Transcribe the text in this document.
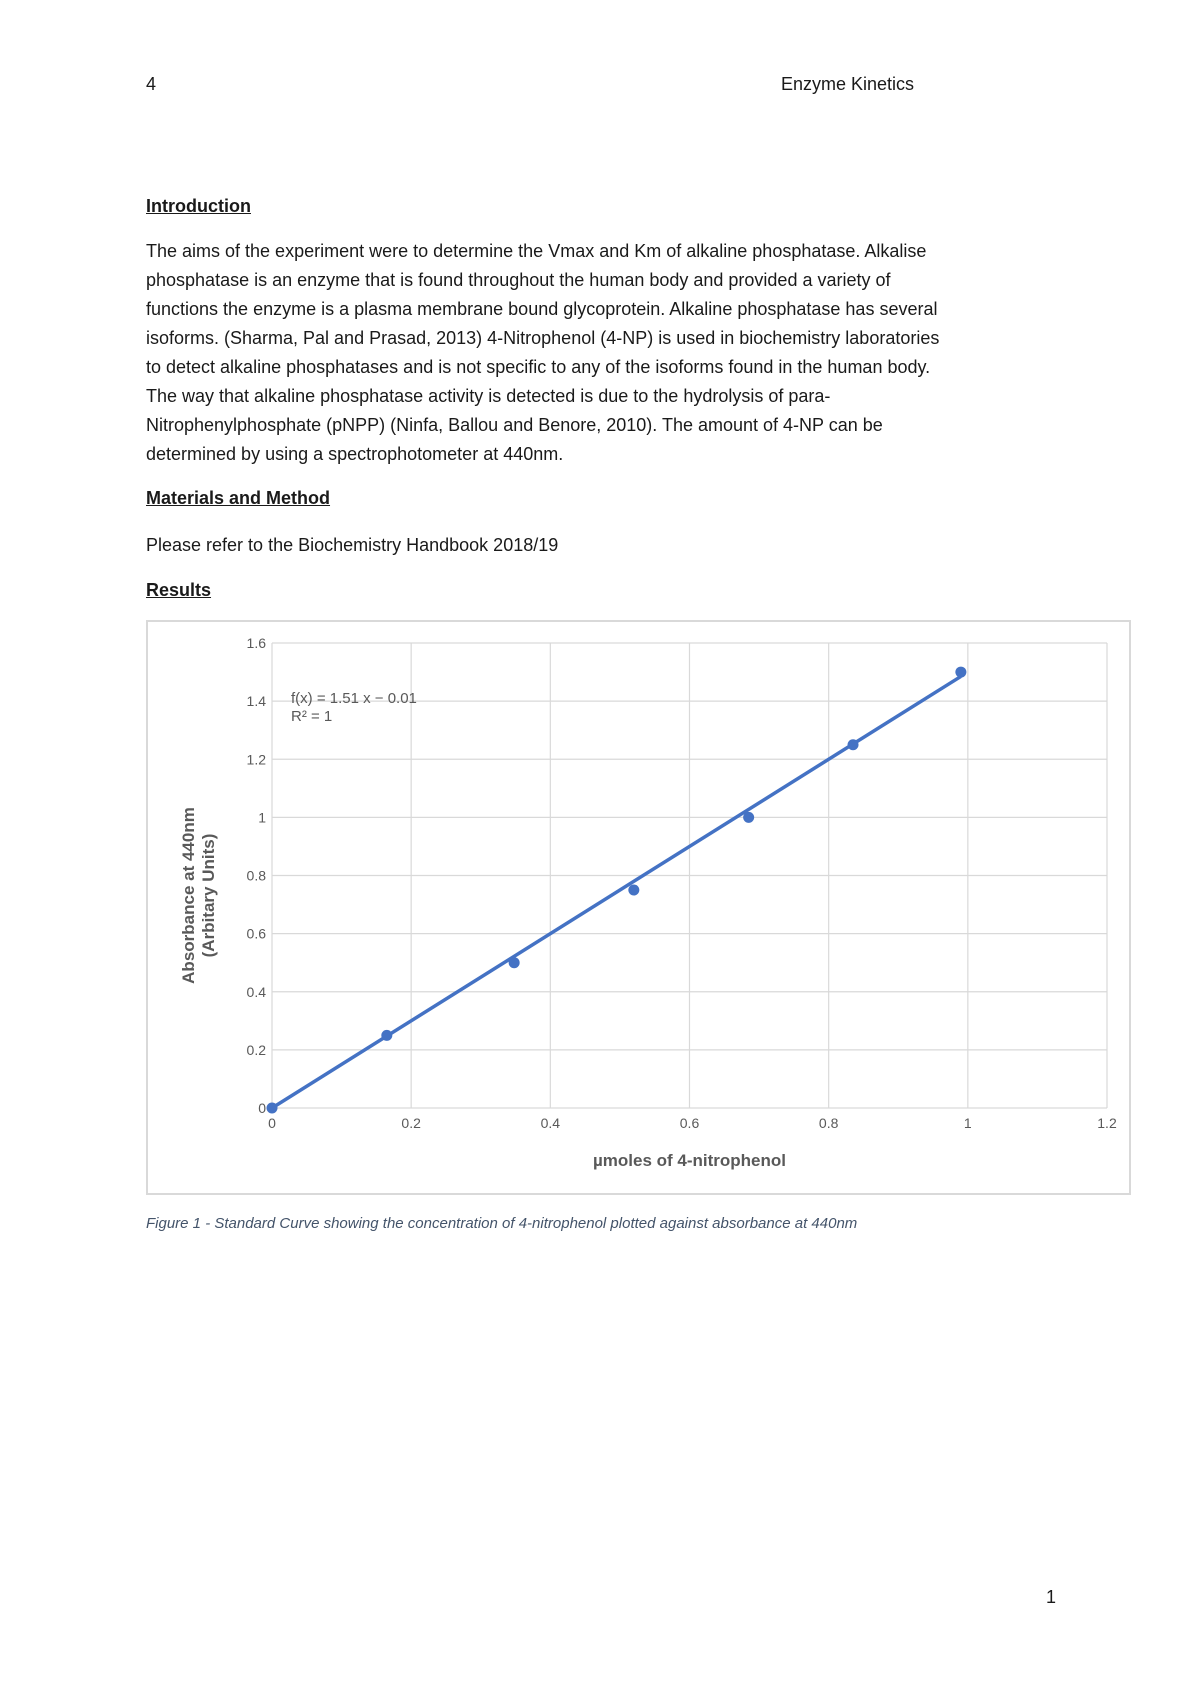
4	Enzyme Kinetics
Introduction
The aims of the experiment were to determine the Vmax and Km of alkaline phosphatase. Alkalise
phosphatase is an enzyme that is found throughout the human body and provided a variety of
functions the enzyme is a plasma membrane bound glycoprotein. Alkaline phosphatase has several
isoforms. (Sharma, Pal and Prasad, 2013) 4-Nitrophenol (4-NP) is used in biochemistry laboratories
to detect alkaline phosphatases and is not specific to any of the isoforms found in the human body.
The way that alkaline phosphatase activity is detected is due to the hydrolysis of para-
Nitrophenylphosphate (pNPP) (Ninfa, Ballou and Benore, 2010). The amount of 4-NP can be
determined by using a spectrophotometer at 440nm.
Materials and Method
Please refer to the Biochemistry Handbook 2018/19
Results
0
0.2
0.4
0.6
0.8
1
1.2
1.4
1.6
0	0.2	0.4	0.6	0.8	1	1.2
f(x) = 1.51 x − 0.01
R² = 1
µmoles of 4-nitrophenol
Absorbance at 440nm (Arbitary Units)
Figure 1 - Standard Curve showing the concentration of 4-nitrophenol plotted against absorbance at 440nm
1
